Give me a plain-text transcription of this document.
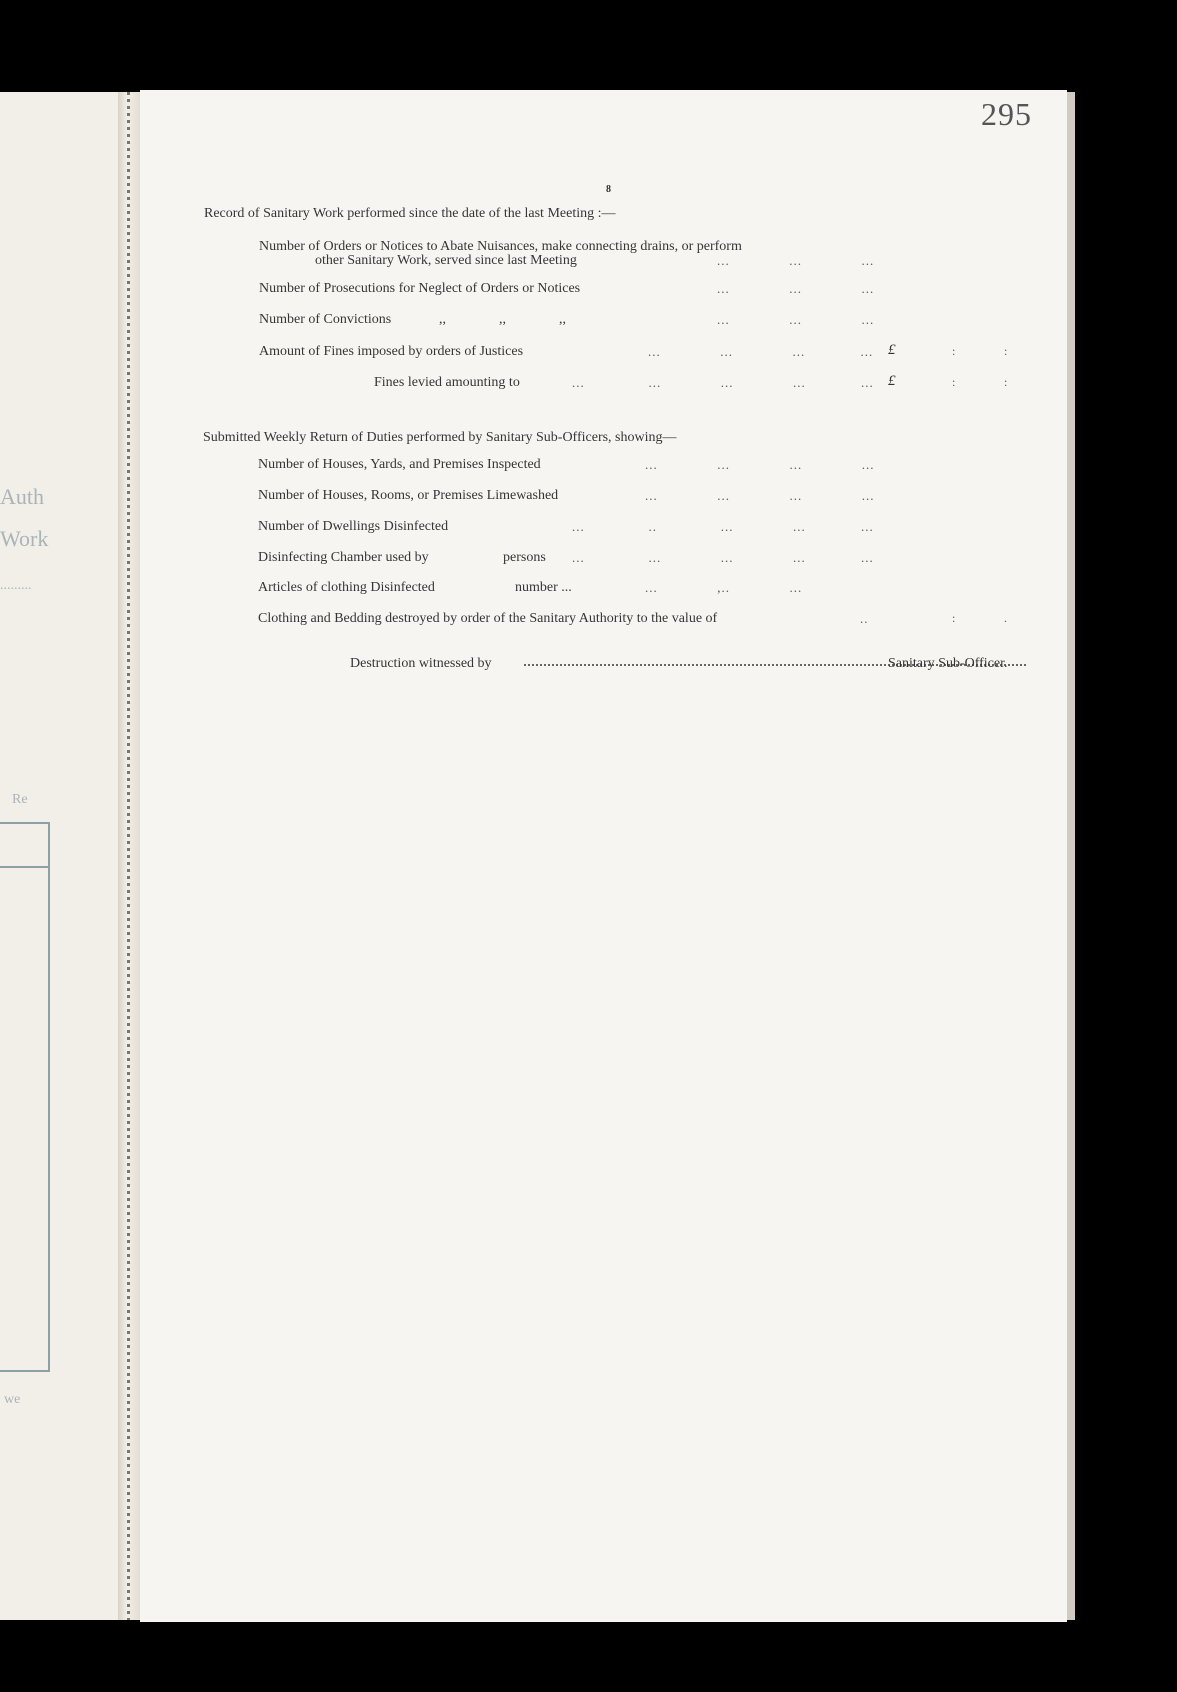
Auth
Work
.........
Re
we
295
8
Record of Sanitary Work performed since the date of the last Meeting :—
Number of Orders or Notices to Abate Nuisances, make connecting drains, or perform
other Sanitary Work, served since last Meeting	...              ...              ...
Number of Prosecutions for Neglect of Orders or Notices	...              ...              ...
Number of Convictions	,,	,,	,,	...              ...              ...
Amount of Fines imposed by orders of Justices	...              ...              ...             ... £	:	:
Fines levied amounting to	...               ...              ...              ...             ... £	:	:
Submitted Weekly Return of Duties performed by Sanitary Sub-Officers, showing—
Number of Houses, Yards, and Premises Inspected	...              ...              ...              ...
Number of Houses, Rooms, or Premises Limewashed	...              ...              ...              ...
Number of Dwellings Disinfected	...               ..               ...              ...             ...
Disinfecting Chamber used by	persons ...               ...              ...              ...             ...
Articles of clothing Disinfected	number ...	...              ,..              ...
Clothing and Bedding destroyed by order of the Sanitary Authority to the value of	..	:	.
Destruction witnessed by	Sanitary Sub-Officer.
